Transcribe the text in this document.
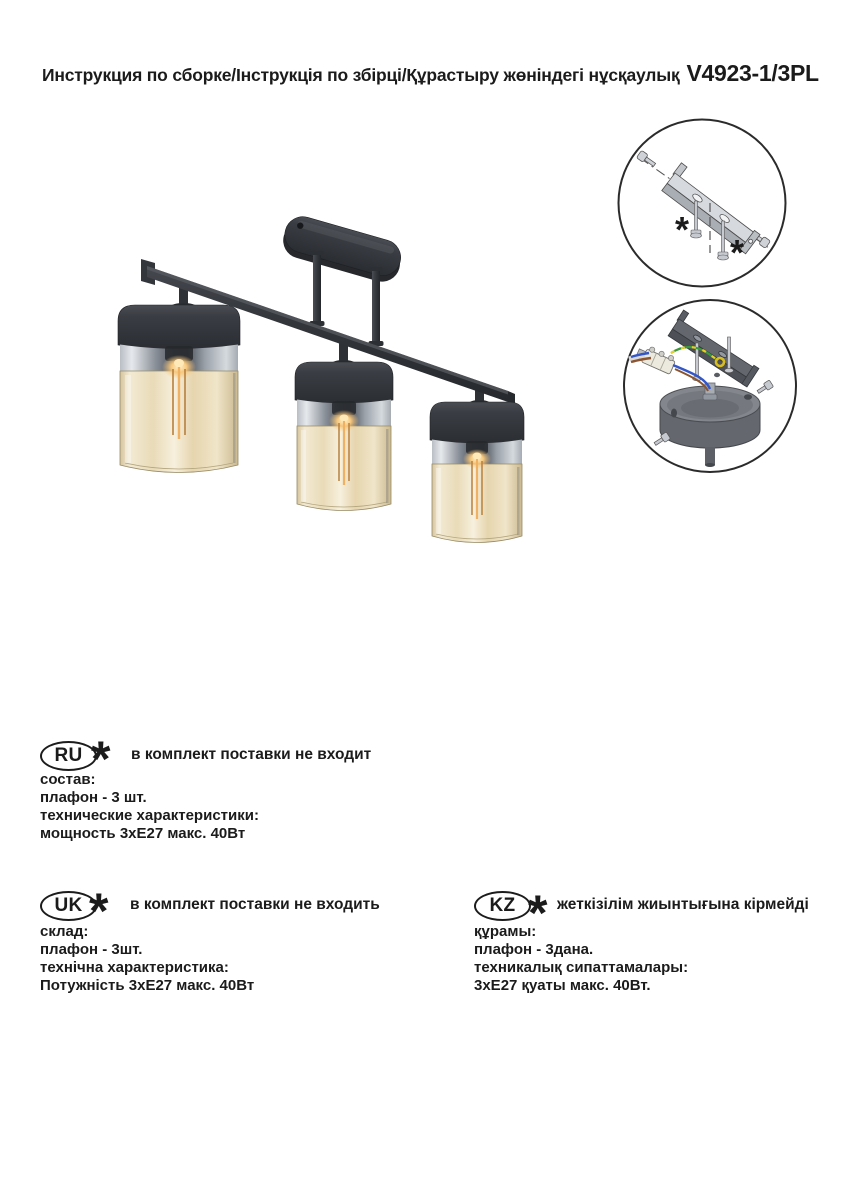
Инструкция по сборке/Інструкція по збірці/Құрастыру жөніндегі нұсқаулық V4923-1/3PL
*
*
RU * в комплект поставки не входит
состав:
плафон - 3 шт.
технические характеристики:
мощность 3хЕ27 макс. 40Вт
UK * в комплект поставки не входить
склад:
плафон - 3шт.
технічна характеристика:
Потужність 3хЕ27 макс. 40Вт
KZ * жеткізілім жиынтығына кірмейді
құрамы:
плафон - 3дана.
техникалық сипаттамалары:
3хЕ27 қуаты макс. 40Вт.
